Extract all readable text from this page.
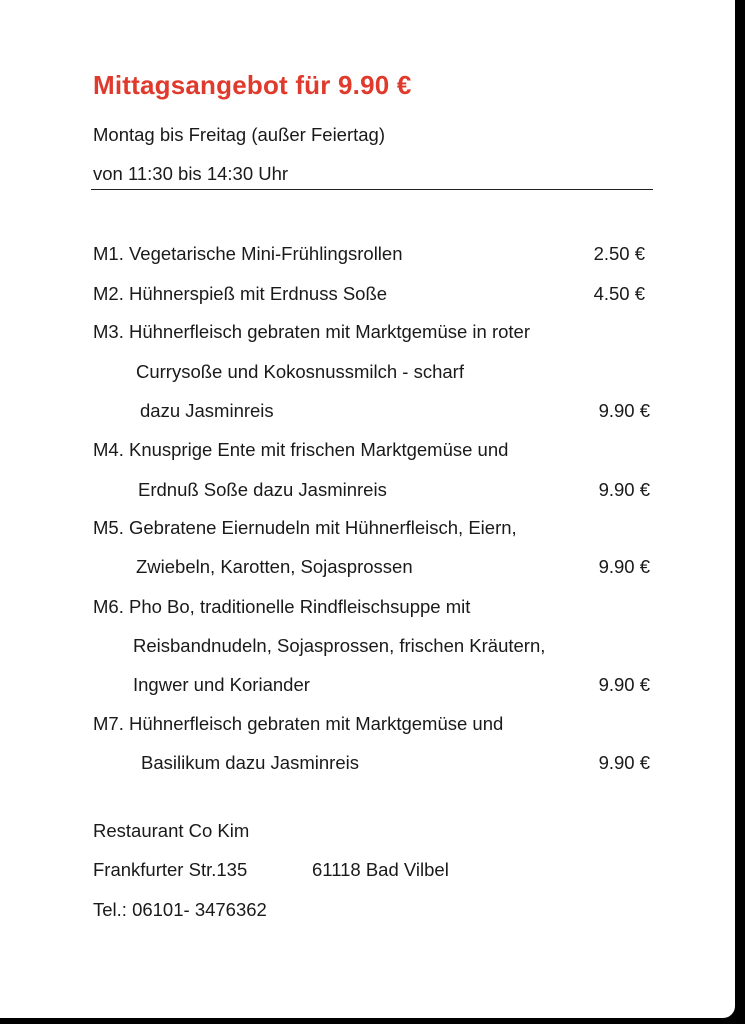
Mittagsangebot für 9.90 €
Montag bis Freitag (außer Feiertag)
von 11:30 bis 14:30 Uhr
M1. Vegetarische Mini-Frühlingsrollen	2.50 €
M2. Hühnerspieß mit Erdnuss Soße	4.50 €
M3. Hühnerfleisch gebraten mit Marktgemüse in roter
Currysoße und Kokosnussmilch - scharf
dazu Jasminreis	9.90 €
M4. Knusprige Ente mit frischen Marktgemüse und
Erdnuß Soße dazu Jasminreis	9.90 €
M5. Gebratene Eiernudeln mit Hühnerfleisch, Eiern,
Zwiebeln, Karotten, Sojasprossen	9.90 €
M6. Pho Bo, traditionelle Rindfleischsuppe mit
Reisbandnudeln, Sojasprossen, frischen Kräutern,
Ingwer und Koriander	9.90 €
M7. Hühnerfleisch gebraten mit Marktgemüse und
Basilikum dazu Jasminreis	9.90 €
Restaurant Co Kim
Frankfurter Str.135	61118 Bad Vilbel
Tel.: 06101- 3476362
